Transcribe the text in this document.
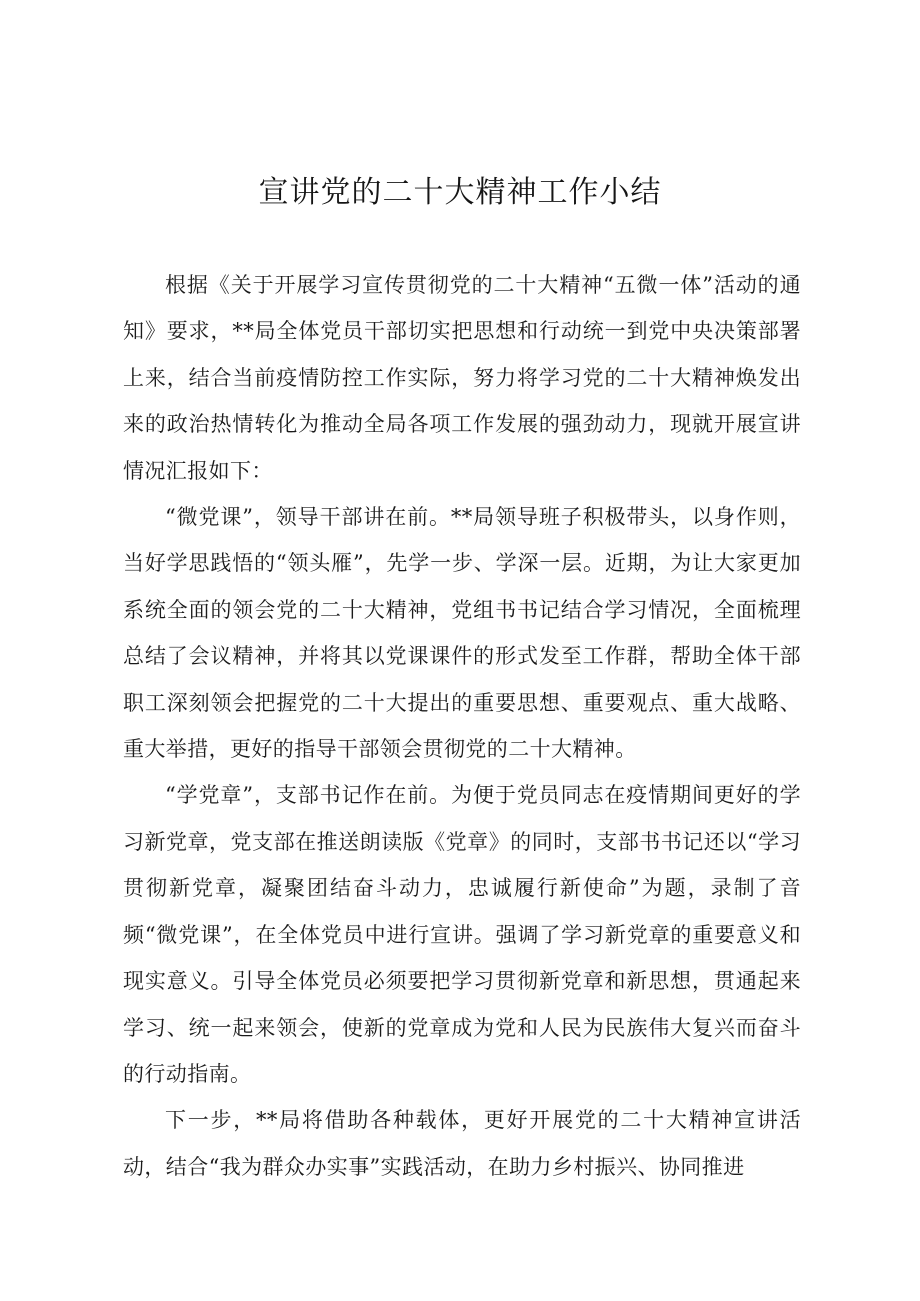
宣讲党的二十大精神工作小结

根据《关于开展学习宣传贯彻党的二十大精神“五微一体”活动的通知》要求，**局全体党员干部切实把思想和行动统一到党中央决策部署上来，结合当前疫情防控工作实际，努力将学习党的二十大精神焕发出来的政治热情转化为推动全局各项工作发展的强劲动力，现就开展宣讲情况汇报如下：

“微党课”，领导干部讲在前。**局领导班子积极带头，以身作则，当好学思践悟的“领头雁”，先学一步、学深一层。近期，为让大家更加系统全面的领会党的二十大精神，党组书书记结合学习情况，全面梳理总结了会议精神，并将其以党课课件的形式发至工作群，帮助全体干部职工深刻领会把握党的二十大提出的重要思想、重要观点、重大战略、重大举措，更好的指导干部领会贯彻党的二十大精神。

“学党章”，支部书记作在前。为便于党员同志在疫情期间更好的学习新党章，党支部在推送朗读版《党章》的同时，支部书书记还以“学习贯彻新党章，凝聚团结奋斗动力，忠诚履行新使命”为题，录制了音频“微党课”，在全体党员中进行宣讲。强调了学习新党章的重要意义和现实意义。引导全体党员必须要把学习贯彻新党章和新思想，贯通起来学习、统一起来领会，使新的党章成为党和人民为民族伟大复兴而奋斗的行动指南。

下一步，**局将借助各种载体，更好开展党的二十大精神宣讲活动，结合“我为群众办实事”实践活动，在助力乡村振兴、协同推进
